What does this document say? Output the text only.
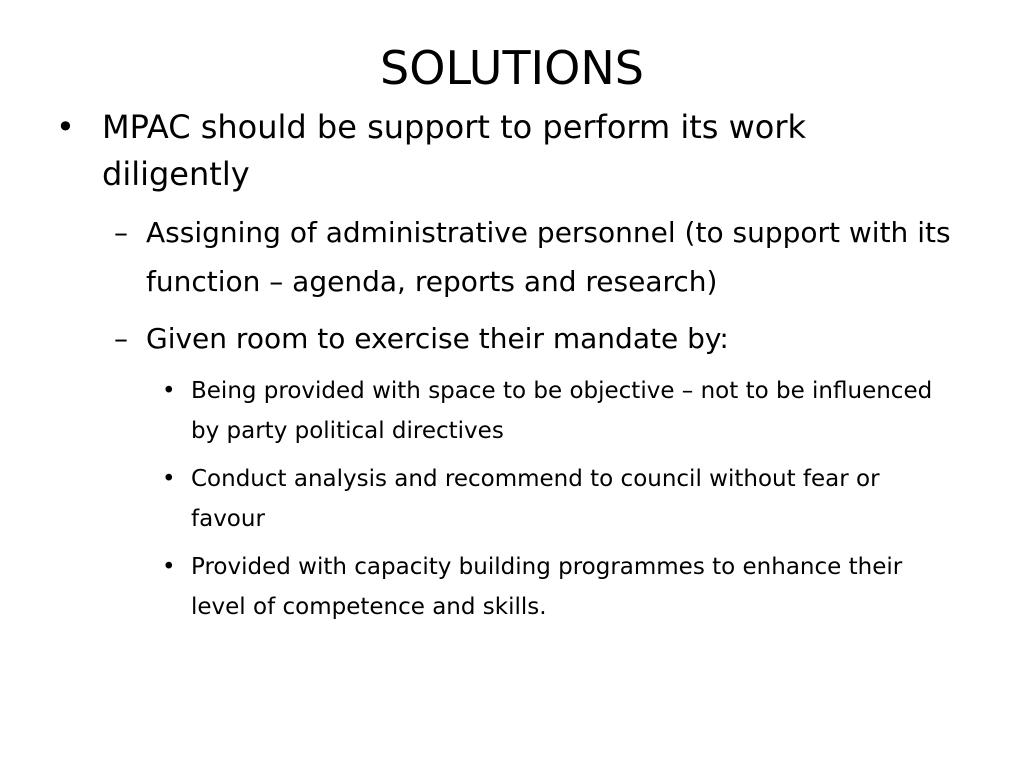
SOLUTIONS
• MPAC should be support to perform its work diligently
– Assigning of administrative personnel (to support with its function – agenda, reports and research)
– Given room to exercise their mandate by:
• Being provided with space to be objective – not to be influenced by party political directives
• Conduct analysis and recommend to council without fear or favour
• Provided with capacity building programmes to enhance their level of competence and skills.
